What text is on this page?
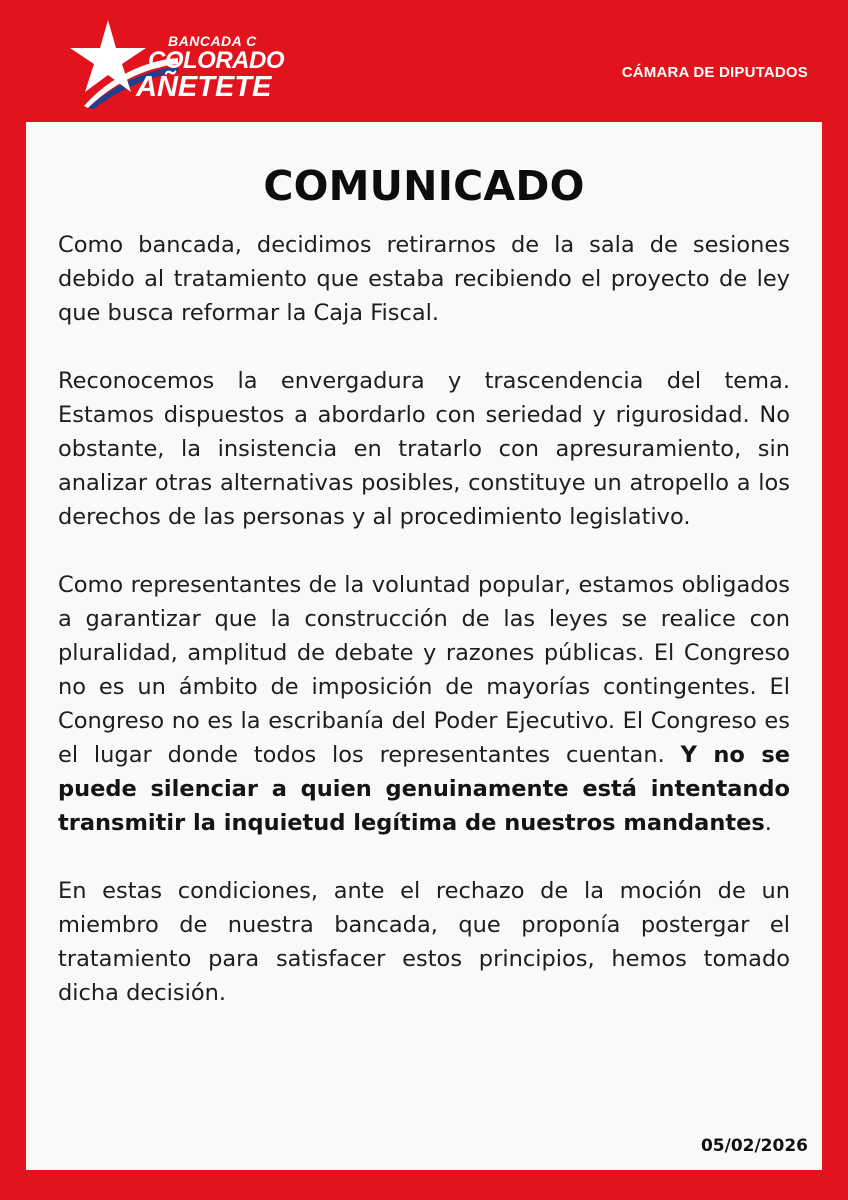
BANCADA C
COLORADO
AÑETETE	CÁMARA DE DIPUTADOS
COMUNICADO

Como bancada, decidimos retirarnos de la sala de sesiones debido al tratamiento que estaba recibiendo el proyecto de ley que busca reformar la Caja Fiscal.

Reconocemos la envergadura y trascendencia del tema. Estamos dispuestos a abordarlo con seriedad y rigurosidad. No obstante, la insistencia en tratarlo con apresuramiento, sin analizar otras alternativas posibles, constituye un atropello a los derechos de las personas y al procedimiento legislativo.

Como representantes de la voluntad popular, estamos obligados a garantizar que la construcción de las leyes se realice con pluralidad, amplitud de debate y razones públicas. El Congreso no es un ámbito de imposición de mayorías contingentes. El Congreso no es la escribanía del Poder Ejecutivo. El Congreso es el lugar donde todos los representantes cuentan. Y no se puede silenciar a quien genuinamente está intentando transmitir la inquietud legítima de nuestros mandantes.

En estas condiciones, ante el rechazo de la moción de un miembro de nuestra bancada, que proponía postergar el tratamiento para satisfacer estos principios, hemos tomado dicha decisión.

05/02/2026
